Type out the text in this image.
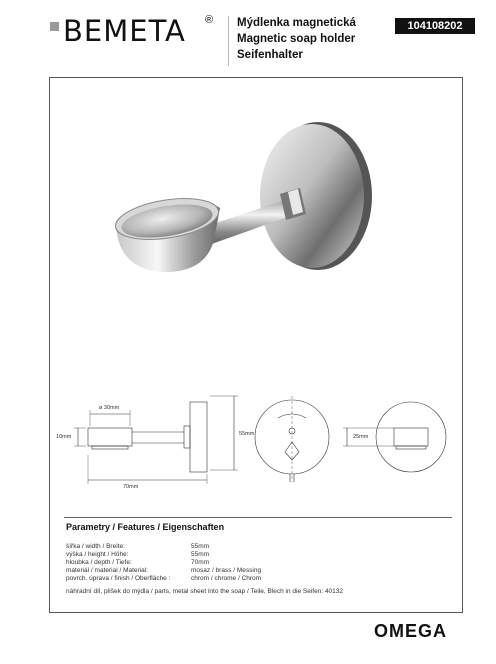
BEMETA ® Mýdlenka magnetická
Magnetic soap holder
Seifenhalter
104108202
ø 30mm
10mm
70mm
55mm	25mm
Parametry / Features / Eigenschaften
šířka / width / Breite:	55mm
výška / height / Höhe:	55mm
hloubka / depth / Tiefe:	70mm
materiál / material / Material:	mosaz / brass / Messing
povrch. úprava / finish / Oberfläche :	chrom / chrome / Chrom
náhradní díl, plíšek do mýdla / parts, metal sheet into the soap / Teile, Blech in die Seifen: 40132
OMEGA
